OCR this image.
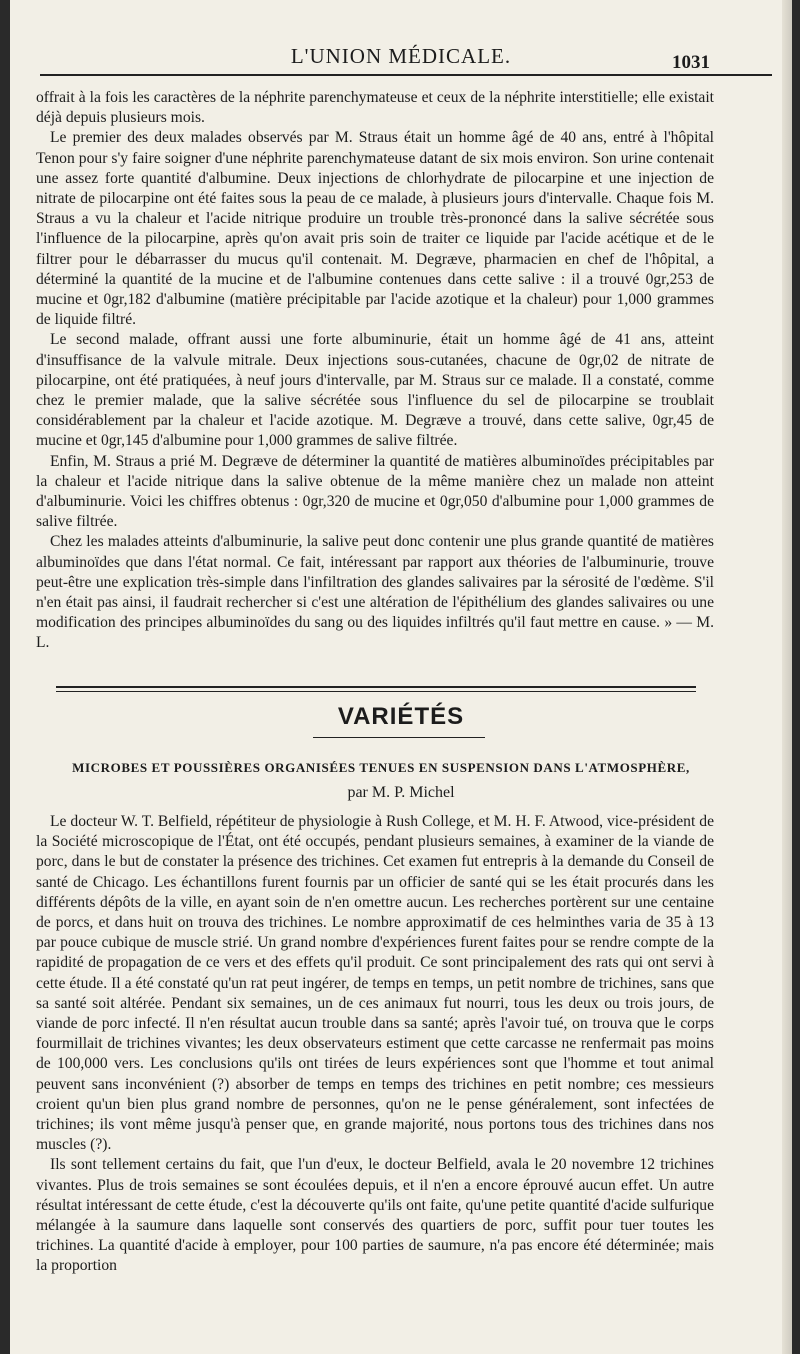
L'UNION MÉDICALE.	1031

offrait à la fois les caractères de la néphrite parenchymateuse et ceux de la néphrite interstitielle; elle existait déjà depuis plusieurs mois.

Le premier des deux malades observés par M. Straus était un homme âgé de 40 ans, entré à l'hôpital Tenon pour s'y faire soigner d'une néphrite parenchymateuse datant de six mois environ. Son urine contenait une assez forte quantité d'albumine. Deux injections de chlorhydrate de pilocarpine et une injection de nitrate de pilocarpine ont été faites sous la peau de ce malade, à plusieurs jours d'intervalle. Chaque fois M. Straus a vu la chaleur et l'acide nitrique produire un trouble très-prononcé dans la salive sécrétée sous l'influence de la pilocarpine, après qu'on avait pris soin de traiter ce liquide par l'acide acétique et de le filtrer pour le débarrasser du mucus qu'il contenait. M. Degræve, pharmacien en chef de l'hôpital, a déterminé la quantité de la mucine et de l'albumine contenues dans cette salive : il a trouvé 0gr,253 de mucine et 0gr,182 d'albumine (matière précipitable par l'acide azotique et la chaleur) pour 1,000 grammes de liquide filtré.

Le second malade, offrant aussi une forte albuminurie, était un homme âgé de 41 ans, atteint d'insuffisance de la valvule mitrale. Deux injections sous-cutanées, chacune de 0gr,02 de nitrate de pilocarpine, ont été pratiquées, à neuf jours d'intervalle, par M. Straus sur ce malade. Il a constaté, comme chez le premier malade, que la salive sécrétée sous l'influence du sel de pilocarpine se troublait considérablement par la chaleur et l'acide azotique. M. Degræve a trouvé, dans cette salive, 0gr,45 de mucine et 0gr,145 d'albumine pour 1,000 grammes de salive filtrée.

Enfin, M. Straus a prié M. Degræve de déterminer la quantité de matières albuminoïdes précipitables par la chaleur et l'acide nitrique dans la salive obtenue de la même manière chez un malade non atteint d'albuminurie. Voici les chiffres obtenus : 0gr,320 de mucine et 0gr,050 d'albumine pour 1,000 grammes de salive filtrée.

Chez les malades atteints d'albuminurie, la salive peut donc contenir une plus grande quantité de matières albuminoïdes que dans l'état normal. Ce fait, intéressant par rapport aux théories de l'albuminurie, trouve peut-être une explication très-simple dans l'infiltration des glandes salivaires par la sérosité de l'œdème. S'il n'en était pas ainsi, il faudrait rechercher si c'est une altération de l'épithélium des glandes salivaires ou une modification des principes albuminoïdes du sang ou des liquides infiltrés qu'il faut mettre en cause. » — M. L.

VARIÉTÉS
MICROBES ET POUSSIÈRES ORGANISÉES TENUES EN SUSPENSION DANS L'ATMOSPHÈRE,
par M. P. Michel

Le docteur W. T. Belfield, répétiteur de physiologie à Rush College, et M. H. F. Atwood, vice-président de la Société microscopique de l'État, ont été occupés, pendant plusieurs semaines, à examiner de la viande de porc, dans le but de constater la présence des trichines. Cet examen fut entrepris à la demande du Conseil de santé de Chicago. Les échantillons furent fournis par un officier de santé qui se les était procurés dans les différents dépôts de la ville, en ayant soin de n'en omettre aucun. Les recherches portèrent sur une centaine de porcs, et dans huit on trouva des trichines. Le nombre approximatif de ces helminthes varia de 35 à 13 par pouce cubique de muscle strié. Un grand nombre d'expériences furent faites pour se rendre compte de la rapidité de propagation de ce vers et des effets qu'il produit. Ce sont principalement des rats qui ont servi à cette étude. Il a été constaté qu'un rat peut ingérer, de temps en temps, un petit nombre de trichines, sans que sa santé soit altérée. Pendant six semaines, un de ces animaux fut nourri, tous les deux ou trois jours, de viande de porc infecté. Il n'en résultat aucun trouble dans sa santé; après l'avoir tué, on trouva que le corps fourmillait de trichines vivantes; les deux observateurs estiment que cette carcasse ne renfermait pas moins de 100,000 vers. Les conclusions qu'ils ont tirées de leurs expériences sont que l'homme et tout animal peuvent sans inconvénient (?) absorber de temps en temps des trichines en petit nombre; ces messieurs croient qu'un bien plus grand nombre de personnes, qu'on ne le pense généralement, sont infectées de trichines; ils vont même jusqu'à penser que, en grande majorité, nous portons tous des trichines dans nos muscles (?).

Ils sont tellement certains du fait, que l'un d'eux, le docteur Belfield, avala le 20 novembre 12 trichines vivantes. Plus de trois semaines se sont écoulées depuis, et il n'en a encore éprouvé aucun effet. Un autre résultat intéressant de cette étude, c'est la découverte qu'ils ont faite, qu'une petite quantité d'acide sulfurique mélangée à la saumure dans laquelle sont conservés des quartiers de porc, suffit pour tuer toutes les trichines. La quantité d'acide à employer, pour 100 parties de saumure, n'a pas encore été déterminée; mais la proportion
